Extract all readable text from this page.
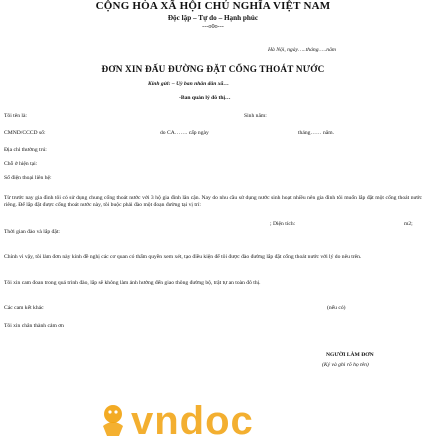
CỘNG HÒA XÃ HỘI CHỦ NGHĨA VIỆT NAM
Độc lập – Tự do – Hạnh phúc
---o0o---
Hà Nội, ngày…..tháng…..năm
ĐƠN XIN ĐẤU ĐƯỜNG ĐẶT CỐNG THOÁT NƯỚC
Kính gửi: – Uỷ ban nhân dân xã…
-Ban quản lý đô thị…
Tôi tên là:	Sinh năm:
CMND/CCCD số:	do CA……. cấp ngày	tháng…… năm.
Địa chỉ thường trú:
Chỗ ở hiện tại:
Số điện thoại liên hệ:
Từ trước nay gia đình tôi có sử dụng chung cống thoát nước với 3 hộ gia đình lân cận. Nay do nhu cầu sử dụng nước sinh hoạt nhiều nên gia đình tôi muốn lắp đặt một cống thoát nước riêng. Để lắp đặt được cống thoát nước này, tôi buộc phải đào một đoạn đường tại vị trí:
; Diện tích:	m2;
Thời gian đào và lắp đặt:
Chính vì vậy, tôi làm đơn này kính đề nghị các cơ quan có thẩm quyền xem xét, tạo điều kiện để tôi được đào đường lắp đặt cống thoát nước với lý do nêu trên.
Tôi xin cam đoan trong quá trình đào, lắp sẽ không làm ảnh hưởng đến giao thông đường bộ, trật tự an toàn đô thị.
Các cam kết khác	(nếu có)
Tôi xin chân thành cảm ơn
NGƯỜI LÀM ĐƠN
(Ký và ghi rõ họ tên)
vndoc
